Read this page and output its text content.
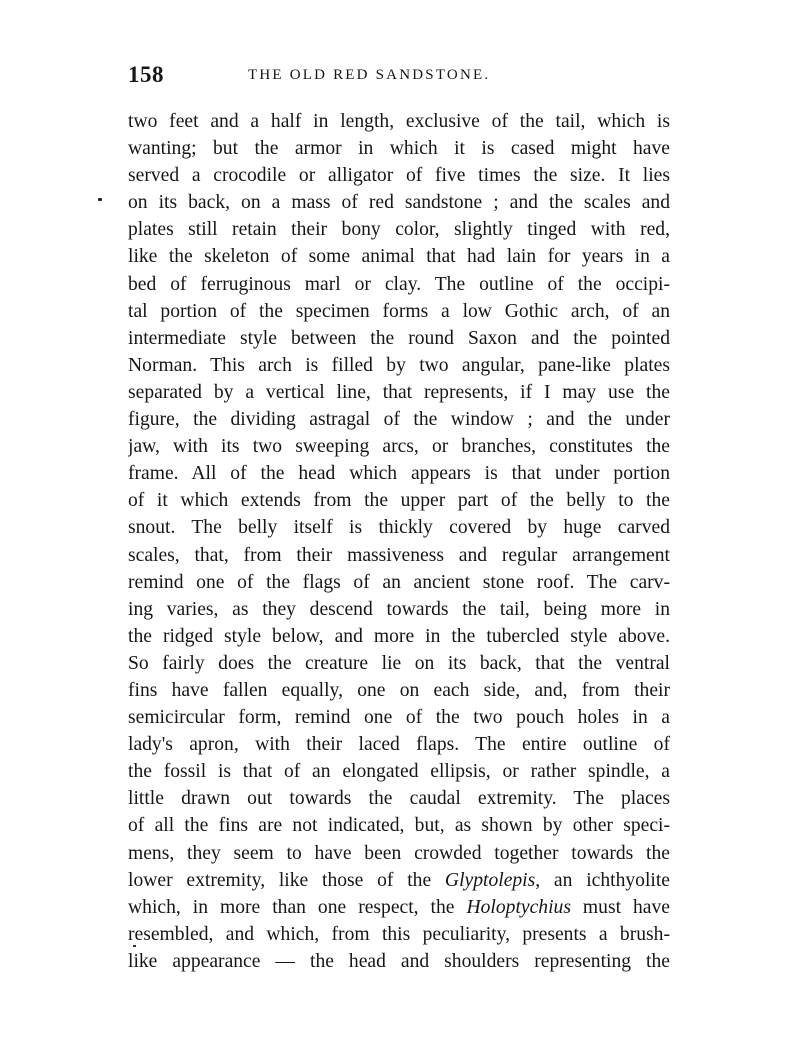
158	THE OLD RED SANDSTONE.
two feet and a half in length, exclusive of the tail, which is
wanting; but the armor in which it is cased might have
served a crocodile or alligator of five times the size. It lies
on its back, on a mass of red sandstone ; and the scales and
plates still retain their bony color, slightly tinged with red,
like the skeleton of some animal that had lain for years in a
bed of ferruginous marl or clay. The outline of the occipi-
tal portion of the specimen forms a low Gothic arch, of an
intermediate style between the round Saxon and the pointed
Norman. This arch is filled by two angular, pane-like plates
separated by a vertical line, that represents, if I may use the
figure, the dividing astragal of the window ; and the under
jaw, with its two sweeping arcs, or branches, constitutes the
frame. All of the head which appears is that under portion
of it which extends from the upper part of the belly to the
snout. The belly itself is thickly covered by huge carved
scales, that, from their massiveness and regular arrangement
remind one of the flags of an ancient stone roof. The carv-
ing varies, as they descend towards the tail, being more in
the ridged style below, and more in the tubercled style above.
So fairly does the creature lie on its back, that the ventral
fins have fallen equally, one on each side, and, from their
semicircular form, remind one of the two pouch holes in a
lady's apron, with their laced flaps. The entire outline of
the fossil is that of an elongated ellipsis, or rather spindle, a
little drawn out towards the caudal extremity. The places
of all the fins are not indicated, but, as shown by other speci-
mens, they seem to have been crowded together towards the
lower extremity, like those of the Glyptolepis, an ichthyolite
which, in more than one respect, the Holoptychius must have
resembled, and which, from this peculiarity, presents a brush-
like appearance — the head and shoulders representing the
